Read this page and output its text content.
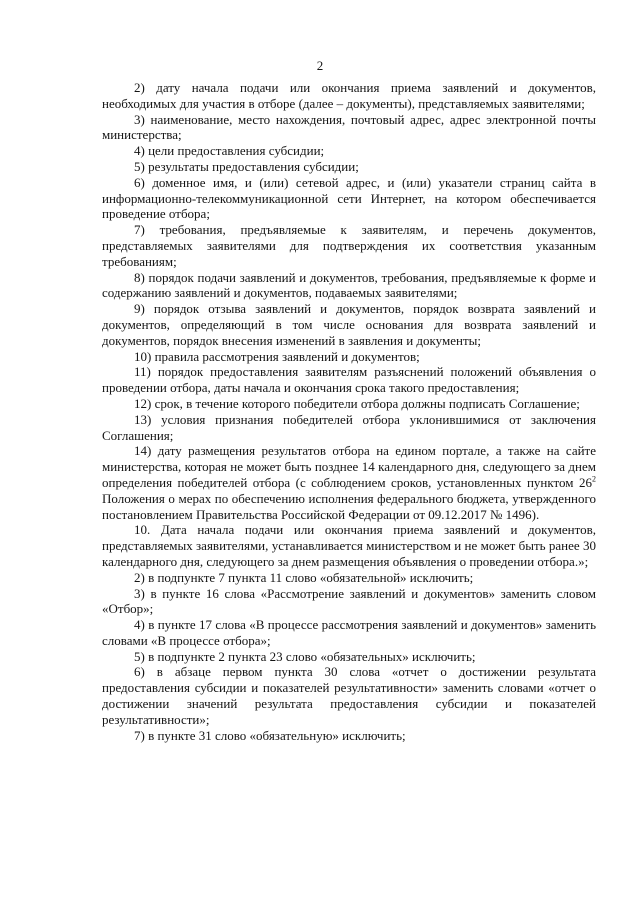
2

2) дату начала подачи или окончания приема заявлений и документов, необходимых для участия в отборе (далее – документы), представляемых заявителями;

3) наименование, место нахождения, почтовый адрес, адрес электронной почты министерства;

4) цели предоставления субсидии;

5) результаты предоставления субсидии;

6) доменное имя, и (или) сетевой адрес, и (или) указатели страниц сайта в информационно-телекоммуникационной сети Интернет, на котором обеспечивается проведение отбора;

7) требования, предъявляемые к заявителям, и перечень документов, представляемых заявителями для подтверждения их соответствия указанным требованиям;

8) порядок подачи заявлений и документов, требования, предъявляемые к форме и содержанию заявлений и документов, подаваемых заявителями;

9) порядок отзыва заявлений и документов, порядок возврата заявлений и документов, определяющий в том числе основания для возврата заявлений и документов, порядок внесения изменений в заявления и документы;

10) правила рассмотрения заявлений и документов;

11) порядок предоставления заявителям разъяснений положений объявления о проведении отбора, даты начала и окончания срока такого предоставления;

12) срок, в течение которого победители отбора должны подписать Соглашение;

13) условия признания победителей отбора уклонившимися от заключения Соглашения;

14) дату размещения результатов отбора на едином портале, а также на сайте министерства, которая не может быть позднее 14 календарного дня, следующего за днем определения победителей отбора (с соблюдением сроков, установленных пунктом $26^2$ Положения о мерах по обеспечению исполнения федерального бюджета, утвержденного постановлением Правительства Российской Федерации от 09.12.2017 № 1496).

10. Дата начала подачи или окончания приема заявлений и документов, представляемых заявителями, устанавливается министерством и не может быть ранее 30 календарного дня, следующего за днем размещения объявления о проведении отбора.»;

2) в подпункте 7 пункта 11 слово «обязательной» исключить;

3) в пункте 16 слова «Рассмотрение заявлений и документов» заменить словом «Отбор»;

4) в пункте 17 слова «В процессе рассмотрения заявлений и документов» заменить словами «В процессе отбора»;

5) в подпункте 2 пункта 23 слово «обязательных» исключить;

6) в абзаце первом пункта 30 слова «отчет о достижении результата предоставления субсидии и показателей результативности» заменить словами «отчет о достижении значений результата предоставления субсидии и показателей результативности»;

7) в пункте 31 слово «обязательную» исключить;
